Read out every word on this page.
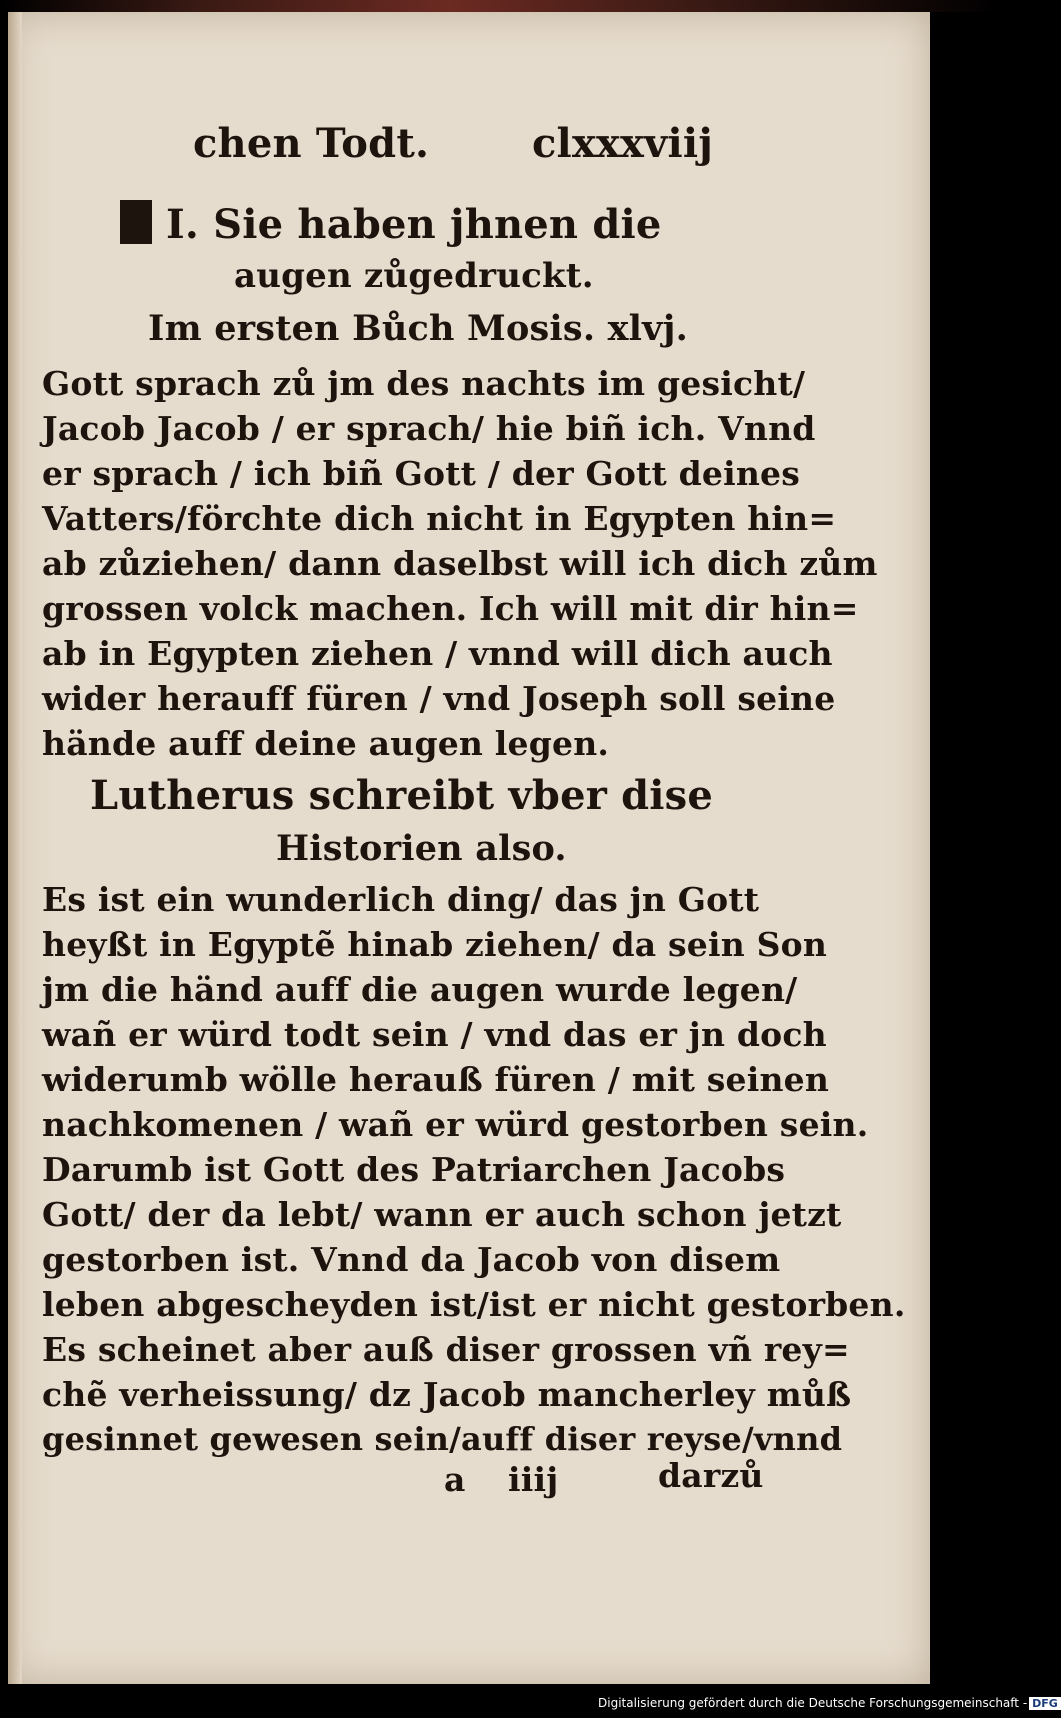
chen Todt.	clxxxviij
I. Sie haben jhnen die
augen zůgedruckt.
Im ersten Bůch Mosis. xlvj.
Gott sprach zů jm des nachts im gesicht/
Jacob Jacob / er sprach/ hie biñ ich. Vnnd
er sprach / ich biñ Gott / der Gott deines
Vatters/förchte dich nicht in Egypten hin=
ab zůziehen/ dann daselbst will ich dich zům
grossen volck machen. Ich will mit dir hin=
ab in Egypten ziehen / vnnd will dich auch
wider herauff füren / vnd Joseph soll seine
hände auff deine augen legen.
Lutherus schreibt vber dise
Historien also.
Es ist ein wunderlich ding/ das jn Gott
heyßt in Egyptẽ hinab ziehen/ da sein Son
jm die händ auff die augen wurde legen/
wañ er würd todt sein / vnd das er jn doch
widerumb wölle herauß füren / mit seinen
nachkomenen / wañ er würd gestorben sein.
Darumb ist Gott des Patriarchen Jacobs
Gott/ der da lebt/ wann er auch schon jetzt
gestorben ist. Vnnd da Jacob von disem
leben abgescheyden ist/ist er nicht gestorben.
Es scheinet aber auß diser grossen vñ rey=
chẽ verheissung/ dz Jacob mancherley můß
gesinnet gewesen sein/auff diser reyse/vnnd
a iiij	darzů
Digitalisierung gefördert durch die Deutsche Forschungsgemeinschaft - DFG
